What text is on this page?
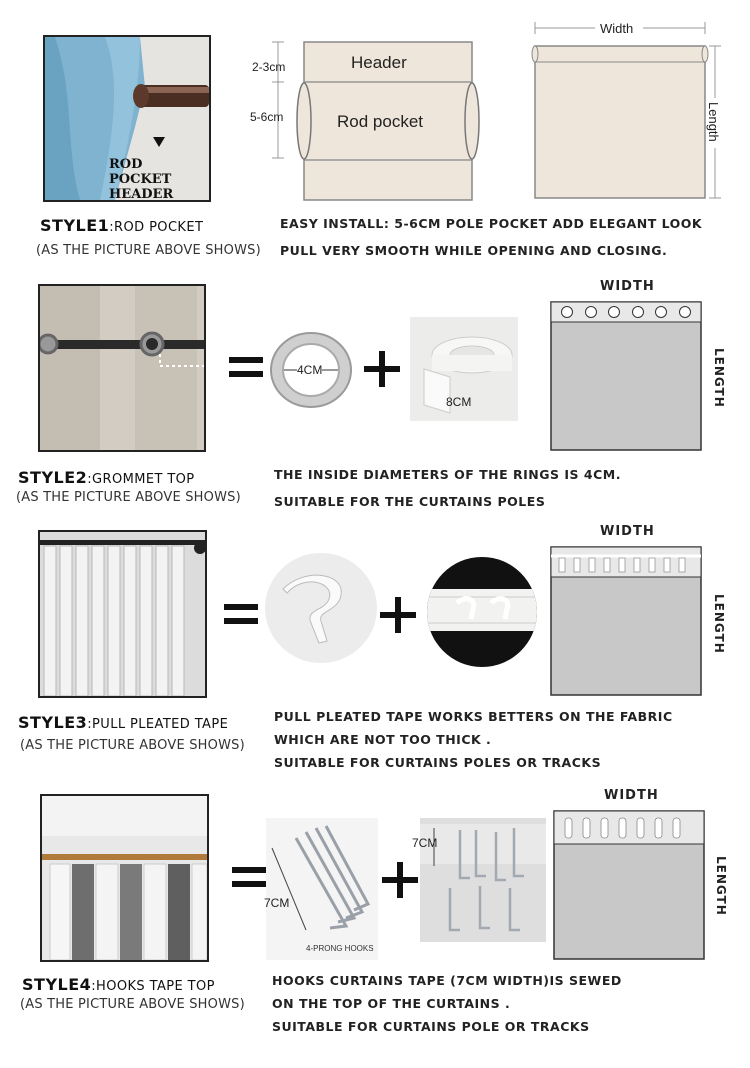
ROD POCKET
HEADER
2-3cm
5-6cm
Header
Rod pocket
Width
Length
STYLE1:ROD POCKET
(AS THE PICTURE ABOVE SHOWS)
EASY INSTALL: 5-6CM POLE POCKET ADD ELEGANT LOOK
PULL VERY SMOOTH WHILE OPENING AND CLOSING.
4CM
8CM
WIDTH
LENGTH
STYLE2:GROMMET TOP
(AS THE PICTURE ABOVE SHOWS)
THE INSIDE DIAMETERS OF THE RINGS IS 4CM.
SUITABLE FOR THE CURTAINS POLES
WIDTH
LENGTH
STYLE3:PULL PLEATED TAPE
(AS THE PICTURE ABOVE SHOWS)
PULL PLEATED TAPE WORKS BETTERS ON THE FABRIC
WHICH ARE NOT TOO THICK .
SUITABLE FOR CURTAINS POLES OR TRACKS
7CM
4-PRONG HOOKS
7CM
WIDTH
LENGTH
STYLE4:HOOKS TAPE TOP
(AS THE PICTURE ABOVE SHOWS)
HOOKS CURTAINS TAPE (7CM WIDTH)IS SEWED
ON THE TOP OF THE CURTAINS .
SUITABLE FOR CURTAINS POLE OR TRACKS
